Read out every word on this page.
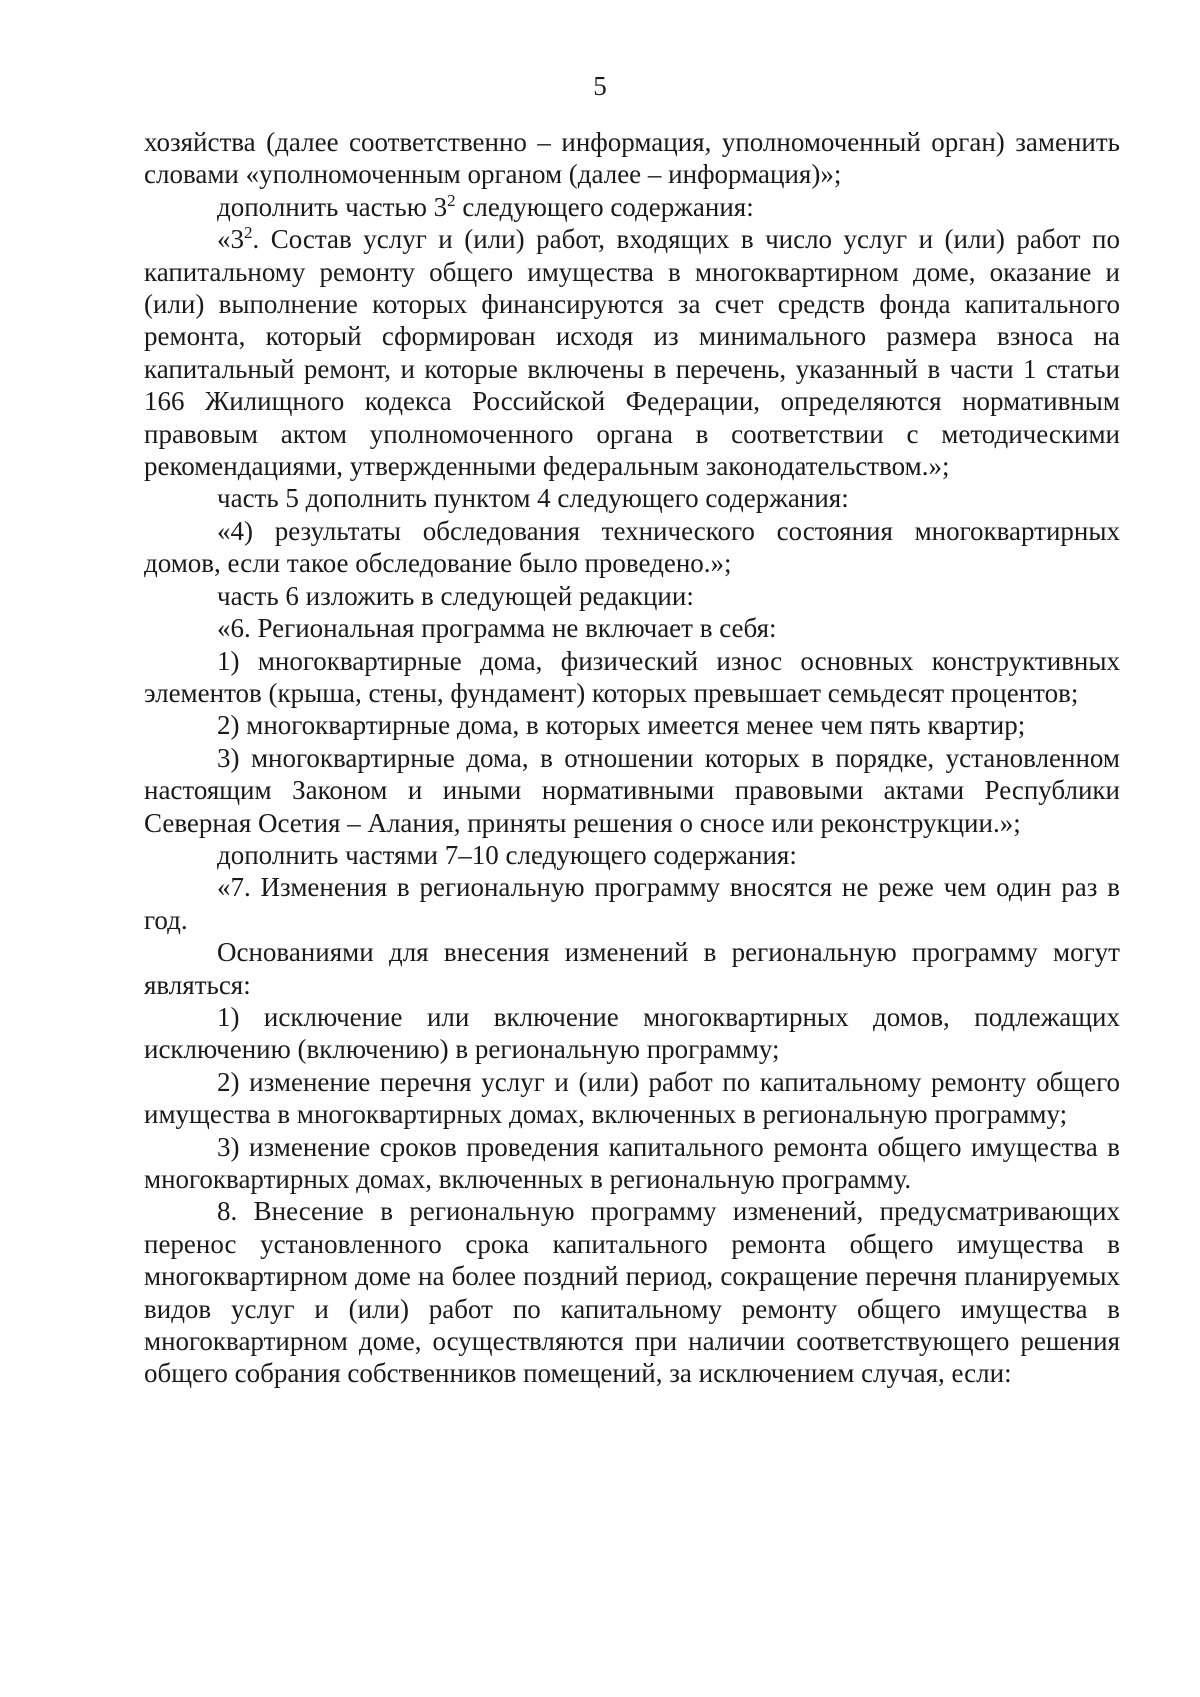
5

хозяйства (далее соответственно – информация, уполномоченный орган) заменить словами «уполномоченным органом (далее – информация)»;

дополнить частью $3^2$ следующего содержания:

«$3^2$. Состав услуг и (или) работ, входящих в число услуг и (или) работ по капитальному ремонту общего имущества в многоквартирном доме, оказание и (или) выполнение которых финансируются за счет средств фонда капитального ремонта, который сформирован исходя из минимального размера взноса на капитальный ремонт, и которые включены в перечень, указанный в части 1 статьи 166 Жилищного кодекса Российской Федерации, определяются нормативным правовым актом уполномоченного органа в соответствии с методическими рекомендациями, утвержденными федеральным законодательством.»;

часть 5 дополнить пунктом 4 следующего содержания:

«4) результаты обследования технического состояния многоквартирных домов, если такое обследование было проведено.»;

часть 6 изложить в следующей редакции:

«6. Региональная программа не включает в себя:

1) многоквартирные дома, физический износ основных конструктивных элементов (крыша, стены, фундамент) которых превышает семьдесят процентов;

2) многоквартирные дома, в которых имеется менее чем пять квартир;

3) многоквартирные дома, в отношении которых в порядке, установленном настоящим Законом и иными нормативными правовыми актами Республики Северная Осетия – Алания, приняты решения о сносе или реконструкции.»;

дополнить частями 7–10 следующего содержания:

«7. Изменения в региональную программу вносятся не реже чем один раз в год.

Основаниями для внесения изменений в региональную программу могут являться:

1) исключение или включение многоквартирных домов, подлежащих исключению (включению) в региональную программу;

2) изменение перечня услуг и (или) работ по капитальному ремонту общего имущества в многоквартирных домах, включенных в региональную программу;

3) изменение сроков проведения капитального ремонта общего имущества в многоквартирных домах, включенных в региональную программу.

8. Внесение в региональную программу изменений, предусматривающих перенос установленного срока капитального ремонта общего имущества в многоквартирном доме на более поздний период, сокращение перечня планируемых видов услуг и (или) работ по капитальному ремонту общего имущества в многоквартирном доме, осуществляются при наличии соответствующего решения общего собрания собственников помещений, за исключением случая, если:
